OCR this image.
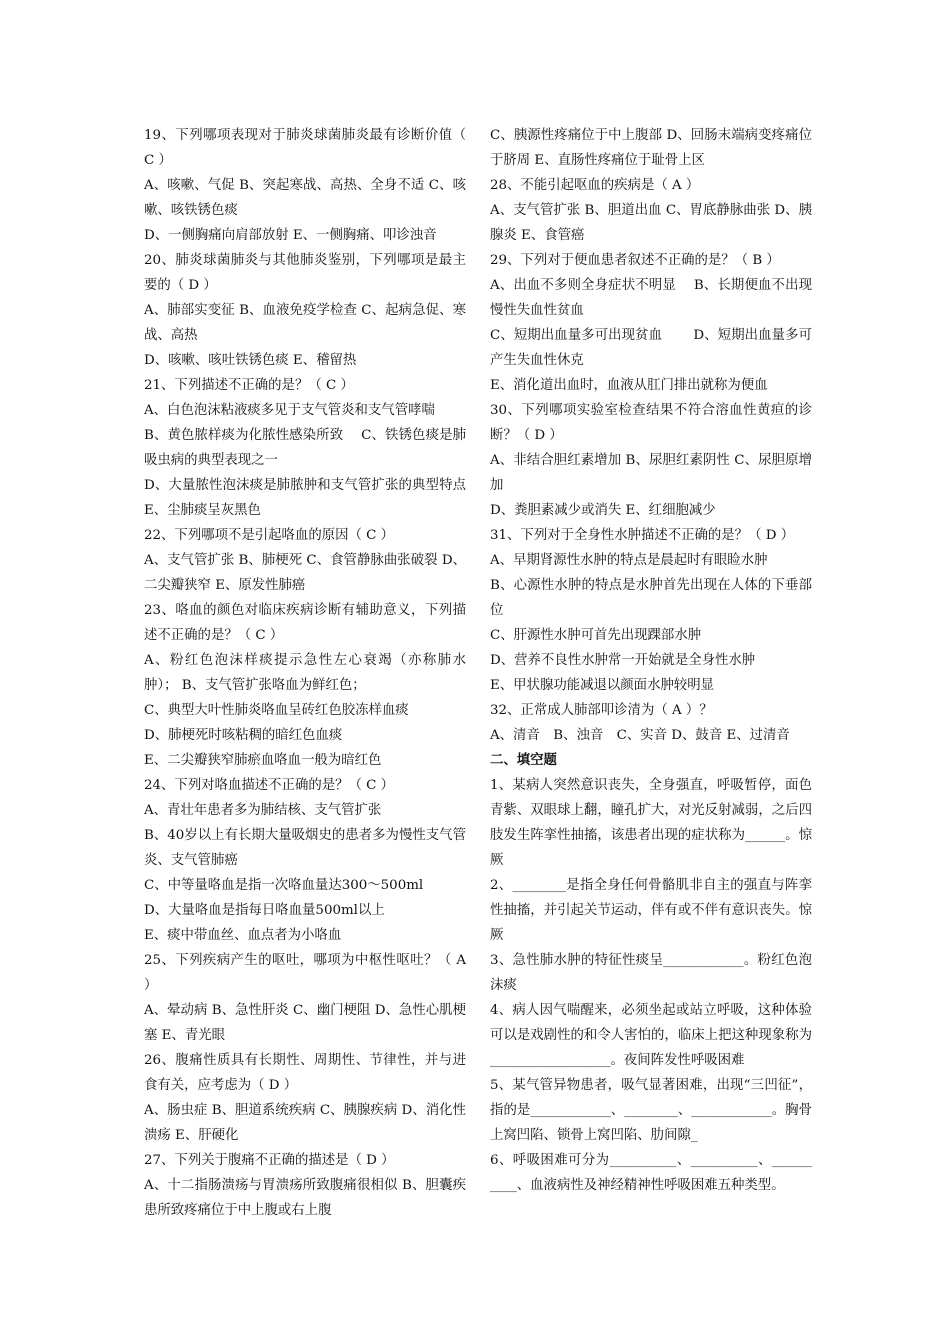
19、下列哪项表现对于肺炎球菌肺炎最有诊断价值（ C ）

A、咳嗽、气促 B、突起寒战、高热、全身不适 C、咳嗽、咳铁锈色痰

D、一侧胸痛向肩部放射 E、一侧胸痛、叩诊浊音

20、肺炎球菌肺炎与其他肺炎鉴别，下列哪项是最主要的（ D ）

A、肺部实变征 B、血液免疫学检查 C、起病急促、寒战、高热

D、咳嗽、咳吐铁锈色痰 E、稽留热

21、下列描述不正确的是？（ C ）

A、白色泡沫粘液痰多见于支气管炎和支气管哮喘

B、黄色脓样痰为化脓性感染所致　 C、铁锈色痰是肺吸虫病的典型表现之一

D、大量脓性泡沫痰是肺脓肿和支气管扩张的典型特点　 E、尘肺痰呈灰黑色

22、下列哪项不是引起咯血的原因（ C ）

A、支气管扩张 B、肺梗死 C、食管静脉曲张破裂 D、二尖瓣狭窄 E、原发性肺癌

23、咯血的颜色对临床疾病诊断有辅助意义，下列描述不正确的是？（ C ）

A、粉红色泡沫样痰提示急性左心衰竭（亦称肺水肿）； B、支气管扩张咯血为鲜红色；

C、典型大叶性肺炎咯血呈砖红色胶冻样血痰

D、肺梗死时咳粘稠的暗红色血痰

E、二尖瓣狭窄肺瘀血咯血一般为暗红色

24、下列对咯血描述不正确的是？（ C ）

A、青壮年患者多为肺结核、支气管扩张

B、40岁以上有长期大量吸烟史的患者多为慢性支气管炎、支气管肺癌

C、中等量咯血是指一次咯血量达300～500ml

D、大量咯血是指每日咯血量500ml以上

E、痰中带血丝、血点者为小咯血

25、下列疾病产生的呕吐，哪项为中枢性呕吐？（ A ）

A、晕动病 B、急性肝炎 C、幽门梗阻 D、急性心肌梗塞 E、青光眼

26、腹痛性质具有长期性、周期性、节律性，并与进食有关，应考虑为（ D ）

A、肠虫症 B、胆道系统疾病 C、胰腺疾病 D、消化性溃疡 E、肝硬化

27、下列关于腹痛不正确的描述是（ D ）

A、十二指肠溃疡与胃溃疡所致腹痛很相似 B、胆囊疾患所致疼痛位于中上腹或右上腹

C、胰源性疼痛位于中上腹部 D、回肠末端病变疼痛位于脐周 E、直肠性疼痛位于耻骨上区

28、不能引起呕血的疾病是（ A ）

A、支气管扩张 B、胆道出血 C、胃底静脉曲张 D、胰腺炎 E、食管癌

29、下列对于便血患者叙述不正确的是？（ B ）

A、出血不多则全身症状不明显　 B、长期便血不出现慢性失血性贫血

C、短期出血量多可出现贫血　　 D、短期出血量多可产生失血性休克

E、消化道出血时，血液从肛门排出就称为便血

30、下列哪项实验室检查结果不符合溶血性黄疸的诊断？（ D ）

A、非结合胆红素增加 B、尿胆红素阴性 C、尿胆原增加

D、粪胆素减少或消失 E、红细胞减少

31、下列对于全身性水肿描述不正确的是？（ D ）

A、早期肾源性水肿的特点是晨起时有眼睑水肿

B、心源性水肿的特点是水肿首先出现在人体的下垂部位

C、肝源性水肿可首先出现踝部水肿

D、营养不良性水肿常一开始就是全身性水肿

E、甲状腺功能减退以颜面水肿较明显

32、正常成人肺部叩诊清为（ A ）？

A、清音　B、浊音　C、实音 D、鼓音 E、过清音

二、填空题

1、某病人突然意识丧失，全身强直，呼吸暂停，面色青紫、双眼球上翻，瞳孔扩大，对光反射减弱，之后四肢发生阵挛性抽搐，该患者出现的症状称为______。惊厥

2、________是指全身任何骨骼肌非自主的强直与阵挛性抽搐，并引起关节运动，伴有或不伴有意识丧失。惊厥

3、急性肺水肿的特征性痰呈____________。粉红色泡沫痰

4、病人因气喘醒来，必须坐起或站立呼吸，这种体验可以是戏剧性的和令人害怕的，临床上把这种现象称为__________________。夜间阵发性呼吸困难

5、某气管异物患者，吸气显著困难，出现“三凹征”，指的是____________、________、____________。胸骨上窝凹陷、锁骨上窝凹陷、肋间隙_

6、呼吸困难可分为__________、__________、__________、血液病性及神经精神性呼吸困难五种类型。
